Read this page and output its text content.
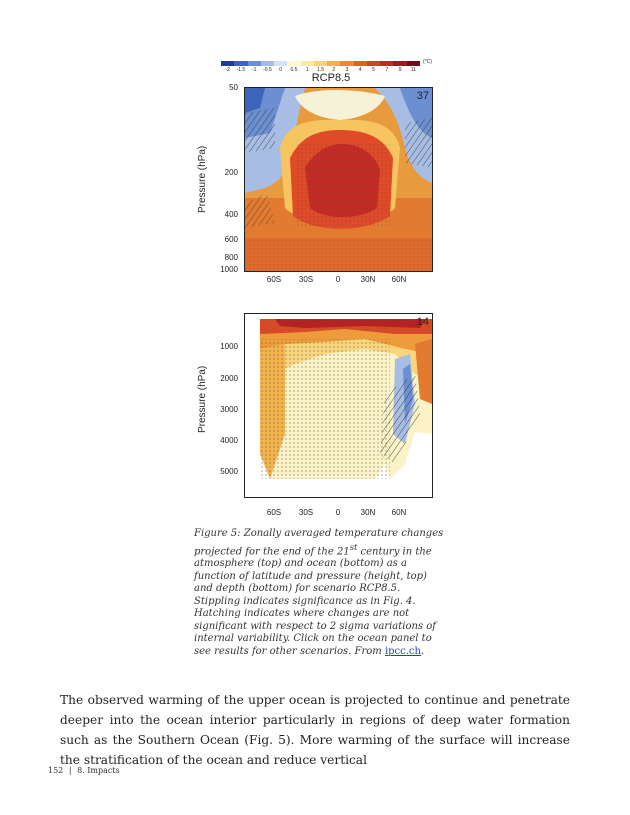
-2 -1.5 -1 -0.5 0 0.5 1 1.5 2 3 4 5 7 9 11
(°C)
RCP8.5
37
Pressure (hPa)
50
200
400
600
800
1000
60S 30S	0	30N 60N
14
Pressure (hPa)
1000
2000
3000
4000
5000
60S 30S	0	30N 60N
Figure 5: Zonally averaged temperature changes projected for the end of the 21st century in the atmosphere (top) and ocean (bottom) as a function of latitude and pressure (height, top) and depth (bottom) for scenario RCP8.5. Stippling indicates significance as in Fig. 4. Hatching indicates where changes are not significant with respect to 2 sigma variations of internal variability. Click on the ocean panel to see results for other scenarios. From ipcc.ch.
The observed warming of the upper ocean is projected to continue and penetrate deeper into the ocean interior particularly in regions of deep water formation such as the Southern Ocean (Fig. 5). More warming of the surface will increase the stratification of the ocean and reduce vertical
152 | 8. Impacts
